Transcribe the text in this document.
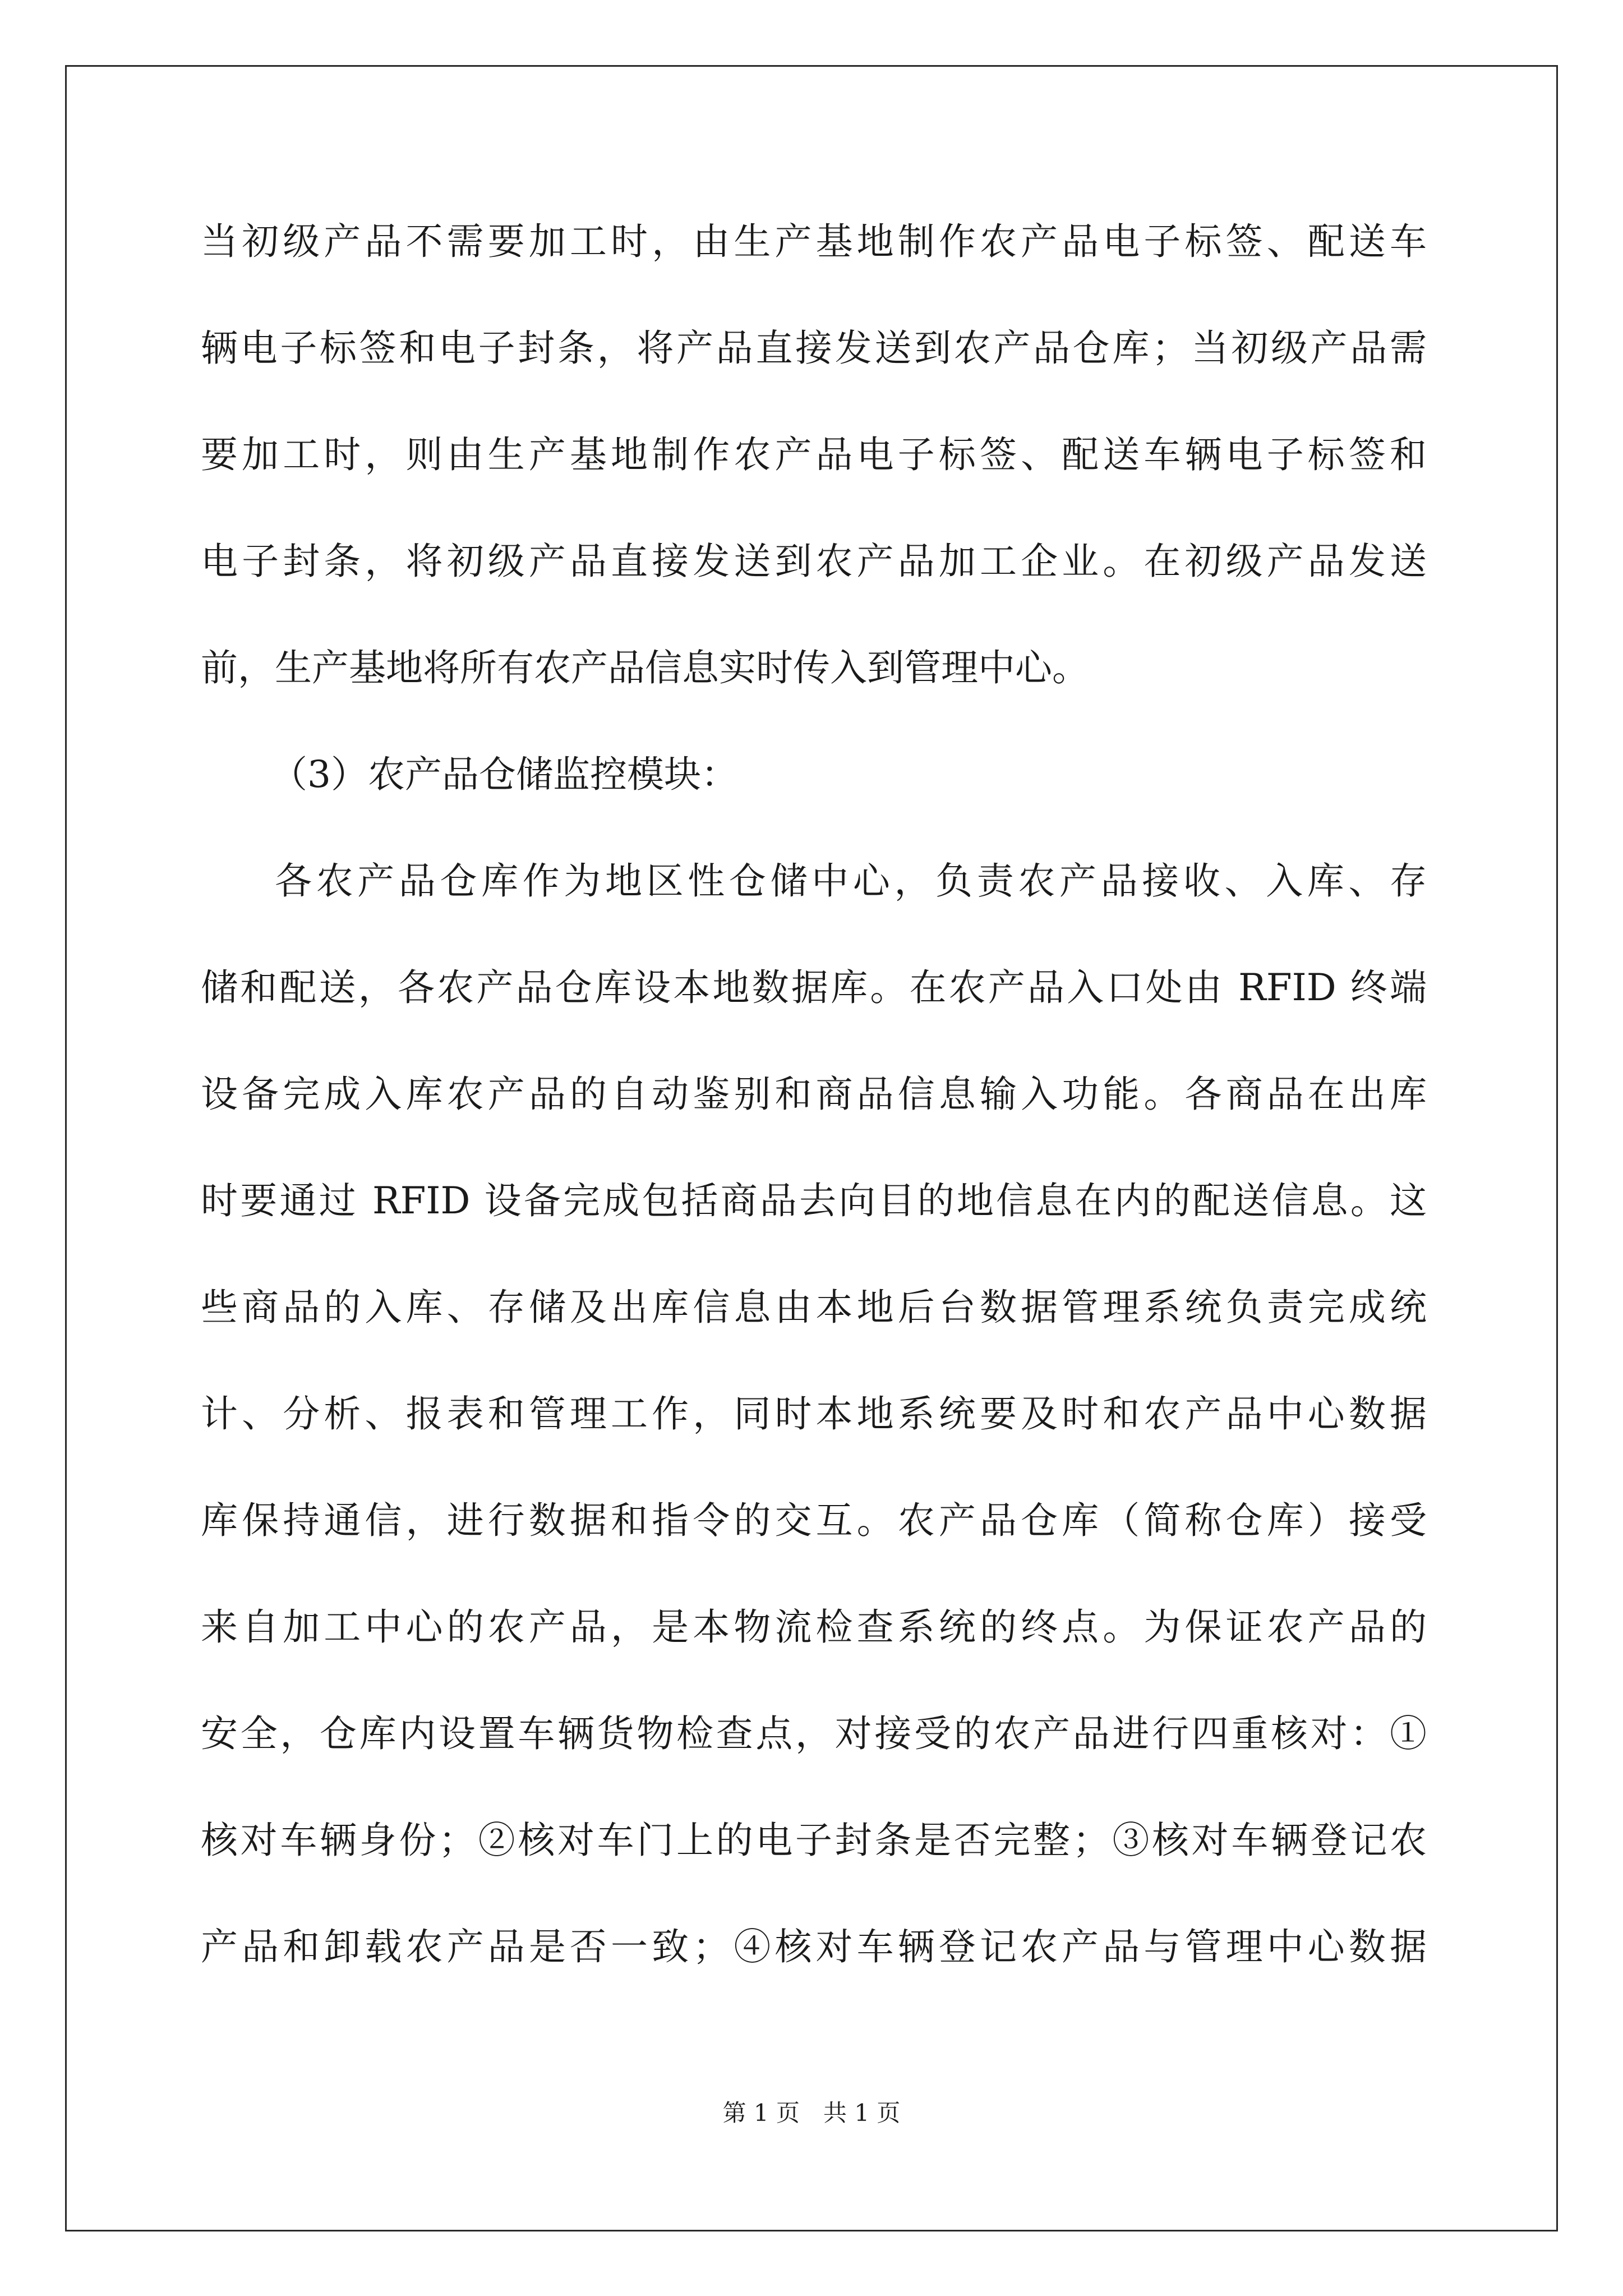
当初级产品不需要加工时，由生产基地制作农产品电子标签、配送车
辆电子标签和电子封条，将产品直接发送到农产品仓库；当初级产品需
要加工时，则由生产基地制作农产品电子标签、配送车辆电子标签和
电子封条，将初级产品直接发送到农产品加工企业。在初级产品发送
前，生产基地将所有农产品信息实时传入到管理中心。
（3）农产品仓储监控模块：
各农产品仓库作为地区性仓储中心，负责农产品接收、入库、存
储和配送，各农产品仓库设本地数据库。在农产品入口处由 RFID 终端
设备完成入库农产品的自动鉴别和商品信息输入功能。各商品在出库
时要通过 RFID 设备完成包括商品去向目的地信息在内的配送信息。这
些商品的入库、存储及出库信息由本地后台数据管理系统负责完成统
计、分析、报表和管理工作，同时本地系统要及时和农产品中心数据
库保持通信，进行数据和指令的交互。农产品仓库（简称仓库）接受
来自加工中心的农产品，是本物流检查系统的终点。为保证农产品的
安全，仓库内设置车辆货物检查点，对接受的农产品进行四重核对：①
核对车辆身份；②核对车门上的电子封条是否完整；③核对车辆登记农
产品和卸载农产品是否一致；④核对车辆登记农产品与管理中心数据
第 1 页　共 1 页
